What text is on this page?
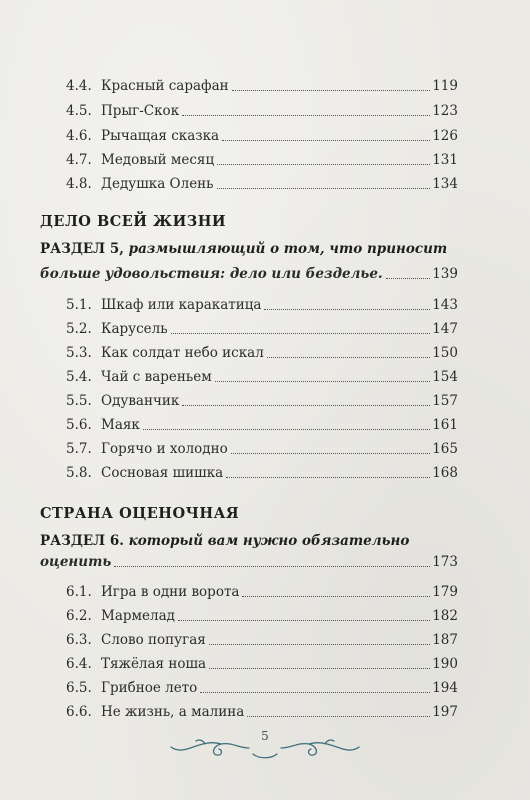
4.4. Красный сарафан	119
4.5. Прыг-Скок	123
4.6. Рычащая сказка	126
4.7. Медовый месяц	131
4.8. Дедушка Олень	134
ДЕЛО ВСЕЙ ЖИЗНИ
РАЗДЕЛ 5, размышляющий о том, что приносит
больше удовольствия: дело или безделье.	139
5.1. Шкаф или каракатица	143
5.2. Карусель	147
5.3. Как солдат небо искал	150
5.4. Чай с вареньем	154
5.5. Одуванчик	157
5.6. Маяк	161
5.7. Горячо и холодно	165
5.8. Сосновая шишка	168
СТРАНА ОЦЕНОЧНАЯ
РАЗДЕЛ 6. который вам нужно обязательно
оценить	173
6.1. Игра в одни ворота	179
6.2. Мармелад	182
6.3. Слово попугая	187
6.4. Тяжёлая ноша	190
6.5. Грибное лето	194
6.6. Не жизнь, а малина	197
5
